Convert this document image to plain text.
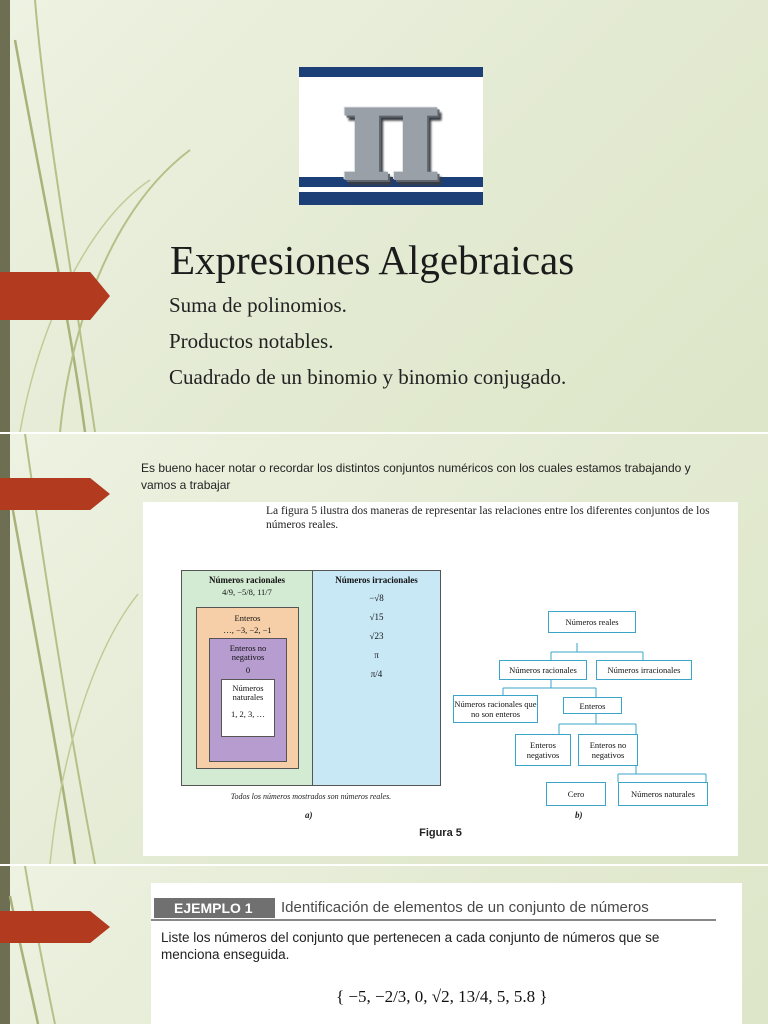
π
Expresiones Algebraicas
Suma de polinomios.
Productos notables.
Cuadrado de un binomio y binomio conjugado.

Es bueno hacer notar o recordar los distintos conjuntos numéricos con los cuales estamos trabajando y vamos a trabajar

La figura 5 ilustra dos maneras de representar las relaciones entre los diferentes conjuntos de los números reales.

Números racionales
4/9, −5/8, 11/7
Enteros
…, −3, −2, −1
Enteros no negativos
0
Números naturales
1, 2, 3, …
Números irracionales
−√8
√15
√23
π
π/4

Todos los números mostrados son números reales.

a)
Números reales
Números racionales	Números irracionales
Números racionales que no son enteros
Enteros
Enteros negativos
Enteros no negativos
Cero	Números naturales
b)

Figura 5

EJEMPLO 1	Identificación de elementos de un conjunto de números

Liste los números del conjunto que pertenecen a cada conjunto de números que se menciona enseguida.

{ −5, −2/3, 0, √2, 13/4, 5, 5.8 }
